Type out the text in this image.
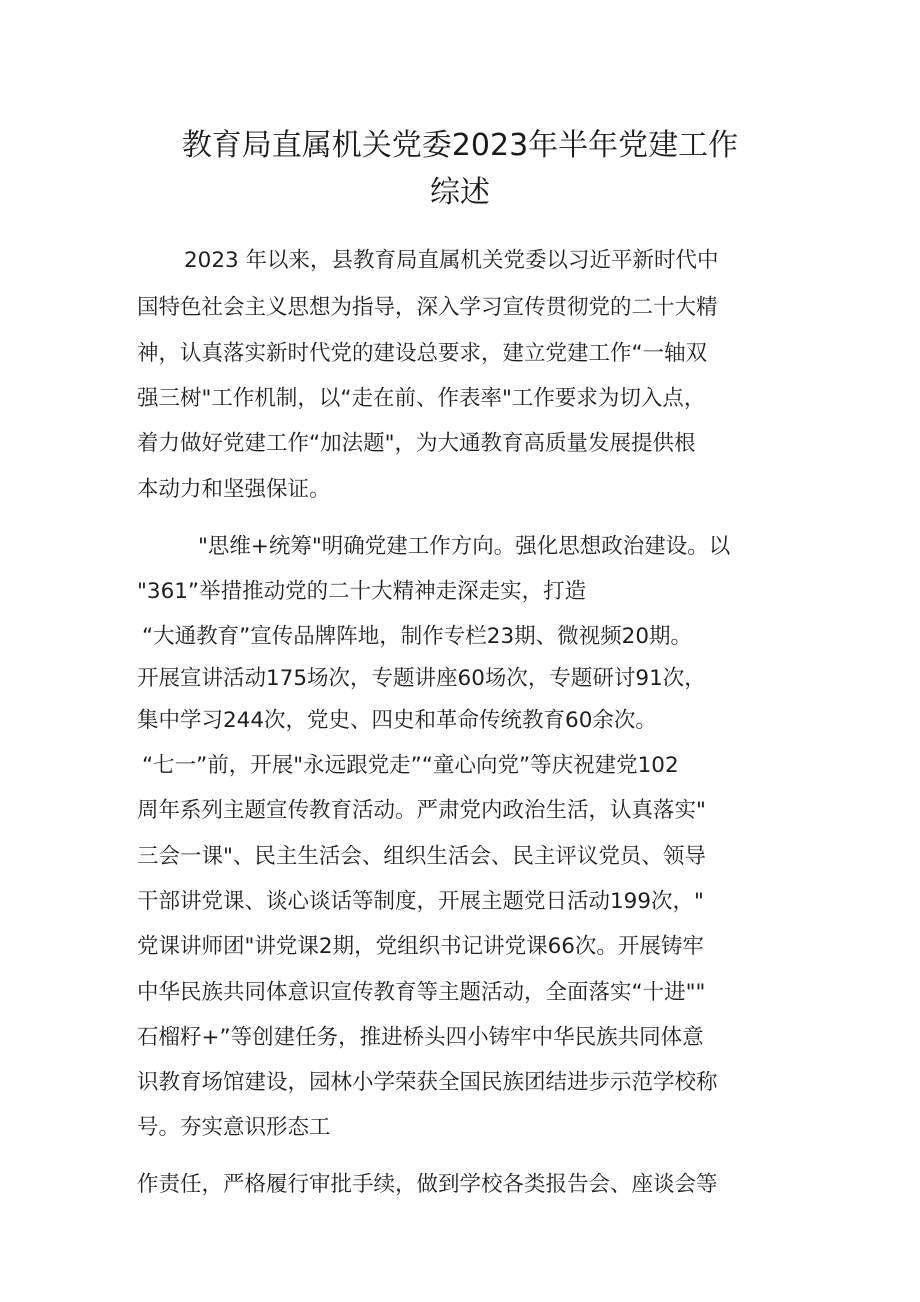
教育局直属机关党委2023年半年党建工作
综述
2023 年以来，县教育局直属机关党委以习近平新时代中
国特色社会主义思想为指导，深入学习宣传贯彻党的二十大精
神，认真落实新时代党的建设总要求，建立党建工作“一轴双
强三树"工作机制，以“走在前、作表率"工作要求为切入点，
着力做好党建工作“加法题"，为大通教育高质量发展提供根
本动力和坚强保证。
"思维+统筹"明确党建工作方向。强化思想政治建设。以
"361”举措推动党的二十大精神走深走实，打造
“大通教育”宣传品牌阵地，制作专栏23期、微视频20期。
开展宣讲活动175场次，专题讲座60场次，专题研讨91次，
集中学习244次，党史、四史和革命传统教育60余次。
“七一”前，开展"永远跟党走”“童心向党”等庆祝建党102
周年系列主题宣传教育活动。严肃党内政治生活，认真落实"
三会一课"、民主生活会、组织生活会、民主评议党员、领导
干部讲党课、谈心谈话等制度，开展主题党日活动199次，"
党课讲师团"讲党课2期，党组织书记讲党课66次。开展铸牢
中华民族共同体意识宣传教育等主题活动，全面落实“十进""
石榴籽+”等创建任务，推进桥头四小铸牢中华民族共同体意
识教育场馆建设，园林小学荣获全国民族团结进步示范学校称
号。夯实意识形态工
作责任，严格履行审批手续，做到学校各类报告会、座谈会等
